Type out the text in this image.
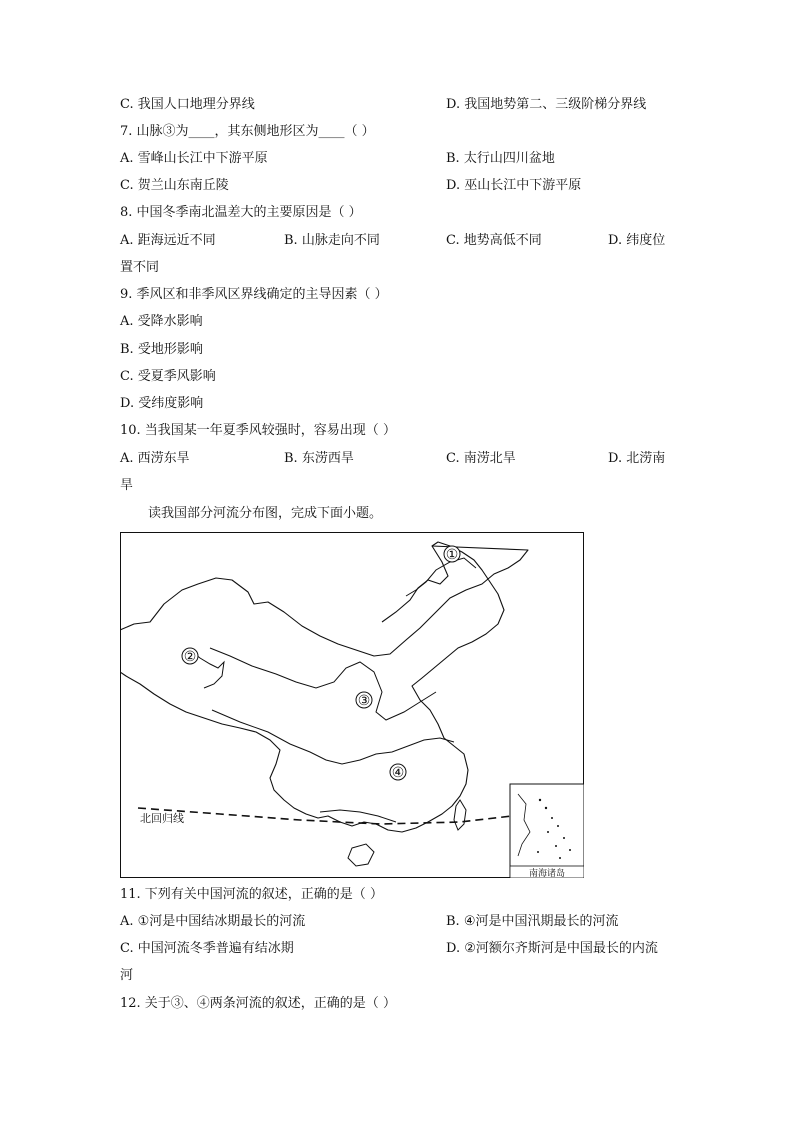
C. 我国人口地理分界线	D. 我国地势第二、三级阶梯分界线
7. 山脉③为____，其东侧地形区为____（ ）
A. 雪峰山长江中下游平原	B. 太行山四川盆地
C. 贺兰山东南丘陵	D. 巫山长江中下游平原
8. 中国冬季南北温差大的主要原因是（ ）
A. 距海远近不同	B. 山脉走向不同	C. 地势高低不同	D. 纬度位
置不同
9. 季风区和非季风区界线确定的主导因素（ ）
A. 受降水影响
B. 受地形影响
C. 受夏季风影响
D. 受纬度影响
10. 当我国某一年夏季风较强时，容易出现（ ）
A. 西涝东旱	B. 东涝西旱	C. 南涝北旱	D. 北涝南
旱
读我国部分河流分布图，完成下面小题。
北回归线
①
②
③
④
南海诸岛
11. 下列有关中国河流的叙述，正确的是（ ）
A. ①河是中国结冰期最长的河流	B. ④河是中国汛期最长的河流
C. 中国河流冬季普遍有结冰期	D. ②河额尔齐斯河是中国最长的内流
河
12. 关于③、④两条河流的叙述，正确的是（ ）
